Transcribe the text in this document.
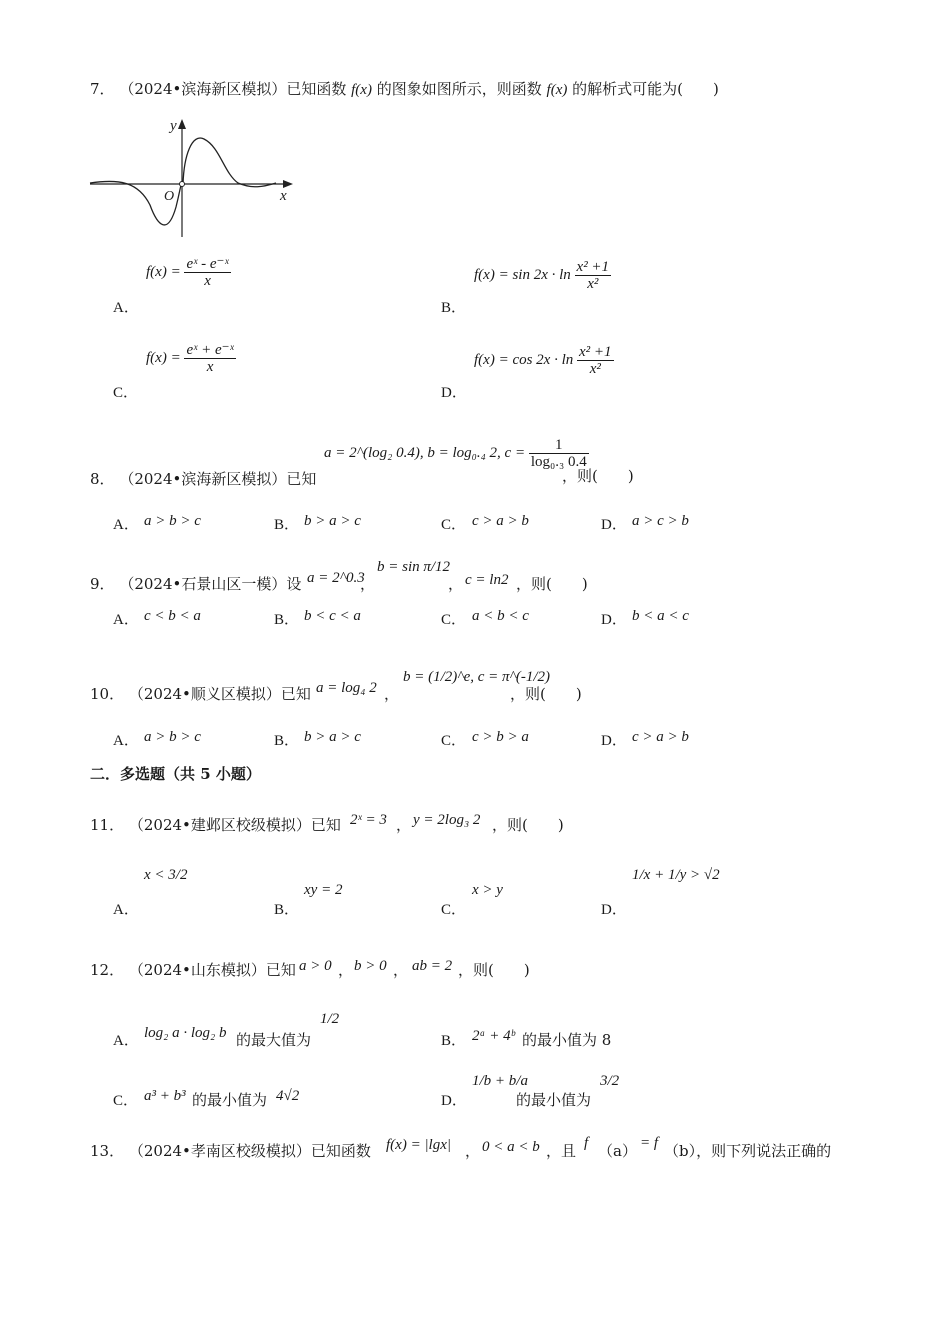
7． （2024•滨海新区模拟）已知函数 f(x) 的图象如图所示，则函数 f(x) 的解析式可能为(　　)
y
x
O
$f(x) = \frac{\text{eˣ - e⁻ˣ}}{x}$
A．
$f(x) = \sin 2x \cdot \ln \frac{\text{x² +1}}{\text{x²}}$
B．
$f(x) = \frac{\text{eˣ + e⁻ˣ}}{x}$
C．
$f(x) = \cos 2x \cdot \ln \frac{\text{x² +1}}{\text{x²}}$
D．
8． （2024•滨海新区模拟）已知
a = 2^(log₂ 0.4), b = log₀.₄ 2, $c = \frac{1}{\text{log₀.₃ 0.4}}$
，则(　　)
A． a > b > c	B． b > a > c	C． c > a > b	D． a > c > b
9． （2024•石景山区一模）设 a = 2^0.3
，
b = sin π/12
， c = ln2 ，则(　　)
A． c < b < a	B． b < c < a	C． a < b < c	D． b < a < c
10． （2024•顺义区模拟）已知 a = log₄ 2 ，
b = (1/2)^e, c = π^(-1/2)
，则(　　)
A． a > b > c	B． b > a > c	C． c > b > a	D． c > a > b
二．多选题（共 5 小题）
11． （2024•建邺区校级模拟）已知 2ˣ = 3 ， y = 2log₃ 2 ，则(　　)
x < 3/2
A．
xy = 2
B．
x > y
C．
1/x + 1/y > √2
D．
12． （2024•山东模拟）已知 a > 0 ， b > 0 ， ab = 2 ，则(　　)
A． log₂ a · log₂ b 的最大值为
1/2
B． 2ᵃ + 4ᵇ 的最小值为 8
C． a³ + b³ 的最小值为 4√2	D．
1/b + b/a
的最小值为
3/2
13． （2024•孝南区校级模拟）已知函数 f(x) = |lgx| ， 0 < a < b ，且 f （a） = f （b），则下列说法正确的
